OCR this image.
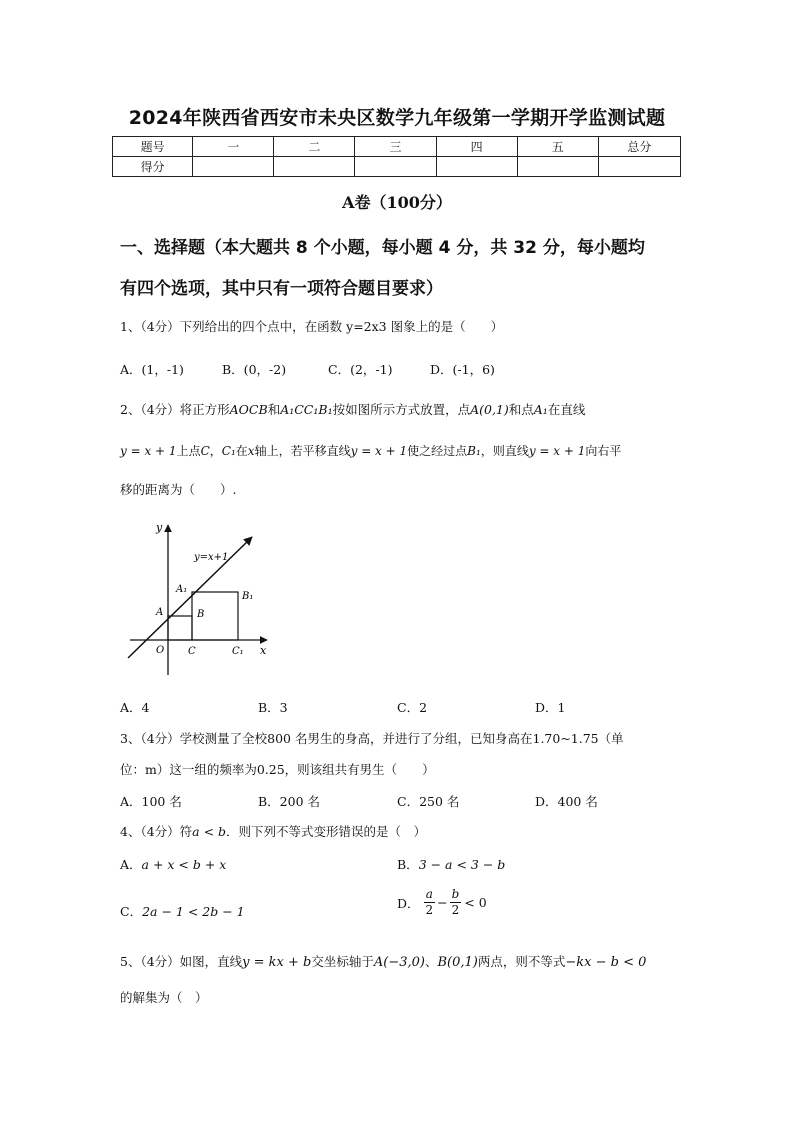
2024年陕西省西安市未央区数学九年级第一学期开学监测试题
题号	一	二	三	四	五	总分
得分						
A卷（100分）
一、选择题（本大题共 8 个小题，每小题 4 分，共 32 分，每小题均
有四个选项，其中只有一项符合题目要求）
1、（4分）下列给出的四个点中，在函数 y=2x3 图象上的是（　　）
A．(1，-1)	B．(0，-2)	C．(2，-1)	D．(-1，6)
2、（4分）将正方形AOCB和A₁CC₁B₁按如图所示方式放置，点A(0,1)和点A₁在直线
y = x + 1上点C，C₁在x轴上，若平移直线y = x + 1使之经过点B₁，则直线y = x + 1向右平
移的距离为（　　）.
y
x
y=x+1
A₁
B₁
A	B
O C	C₁
A．4	B．3	C．2	D．1
3、（4分）学校测量了全校800 名男生的身高，并进行了分组，已知身高在1.70~1.75（单
位：m）这一组的频率为0.25，则该组共有男生（　　）
A．100 名	B．200 名	C．250 名	D．400 名
4、（4分）符a < b．则下列不等式变形错误的是（　）
A．a + x < b + x	B．3 − a < 3 − b
C．2a − 1 < 2b − 1
D． $\frac{a}{2} - \frac{b}{2} < 0$
5、（4分）如图，直线y = kx + b交坐标轴于A(−3,0)、B(0,1)两点，则不等式−kx − b < 0
的解集为（　）
